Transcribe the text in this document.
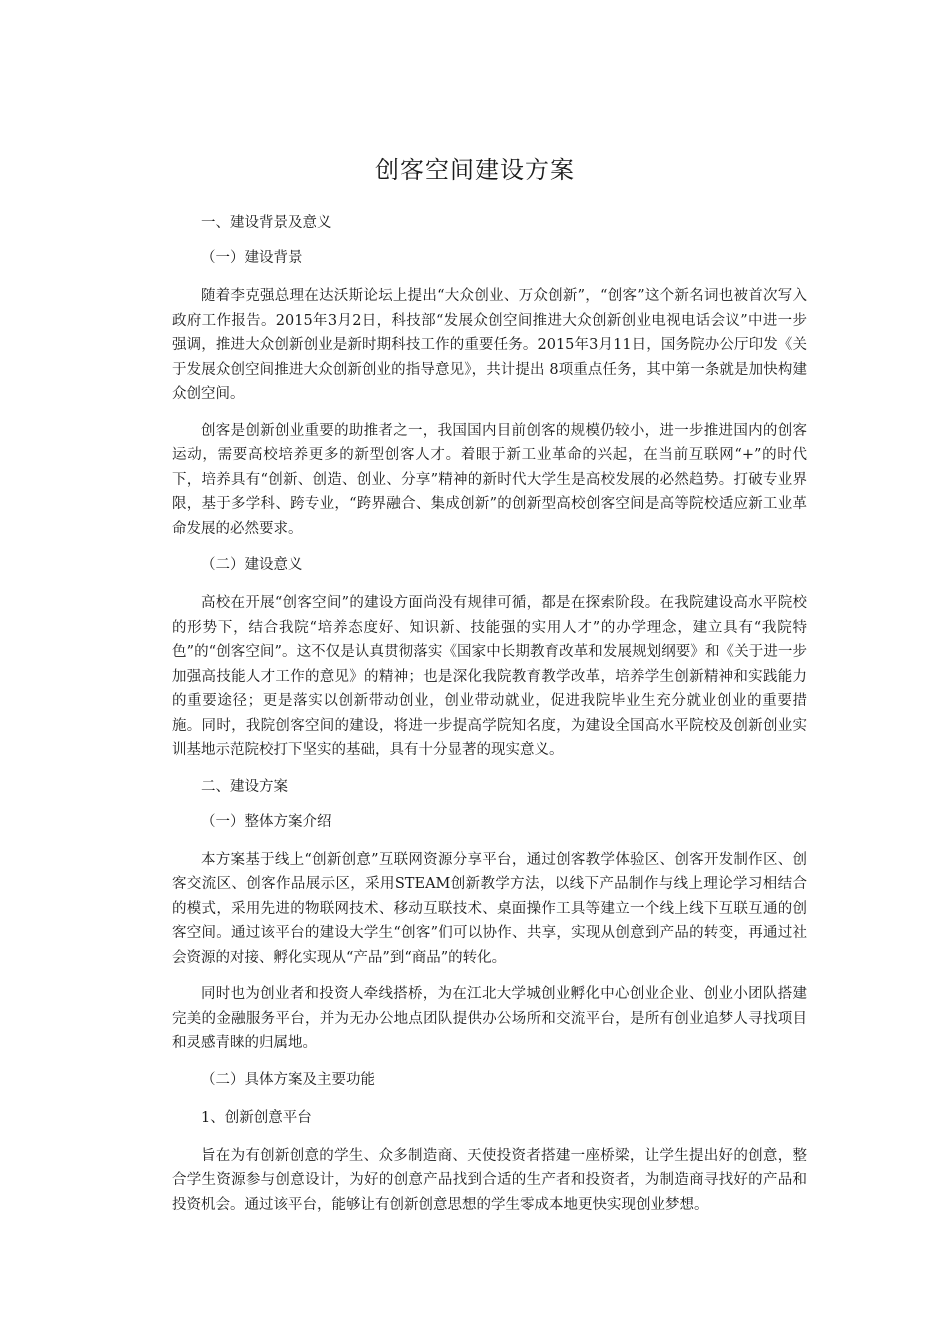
创客空间建设方案
一、建设背景及意义
（一）建设背景

随着李克强总理在达沃斯论坛上提出“大众创业、万众创新”，“创客”这个新名词也被首次写入政府工作报告。2015年3月2日，科技部“发展众创空间推进大众创新创业电视电话会议”中进一步强调，推进大众创新创业是新时期科技工作的重要任务。2015年3月11日，国务院办公厅印发《关于发展众创空间推进大众创新创业的指导意见》，共计提出 8项重点任务，其中第一条就是加快构建众创空间。

创客是创新创业重要的助推者之一，我国国内目前创客的规模仍较小，进一步推进国内的创客运动，需要高校培养更多的新型创客人才。着眼于新工业革命的兴起，在当前互联网“+”的时代下，培养具有“创新、创造、创业、分享”精神的新时代大学生是高校发展的必然趋势。打破专业界限，基于多学科、跨专业，“跨界融合、集成创新”的创新型高校创客空间是高等院校适应新工业革命发展的必然要求。

（二）建设意义

高校在开展“创客空间”的建设方面尚没有规律可循，都是在探索阶段。在我院建设高水平院校的形势下，结合我院“培养态度好、知识新、技能强的实用人才”的办学理念，建立具有“我院特色”的“创客空间”。这不仅是认真贯彻落实《国家中长期教育改革和发展规划纲要》和《关于进一步加强高技能人才工作的意见》的精神；也是深化我院教育教学改革，培养学生创新精神和实践能力的重要途径；更是落实以创新带动创业，创业带动就业，促进我院毕业生充分就业创业的重要措施。同时，我院创客空间的建设，将进一步提高学院知名度，为建设全国高水平院校及创新创业实训基地示范院校打下坚实的基础，具有十分显著的现实意义。

二、建设方案
（一）整体方案介绍

本方案基于线上“创新创意”互联网资源分享平台，通过创客教学体验区、创客开发制作区、创客交流区、创客作品展示区，采用STEAM创新教学方法，以线下产品制作与线上理论学习相结合的模式，采用先进的物联网技术、移动互联技术、桌面操作工具等建立一个线上线下互联互通的创客空间。通过该平台的建设大学生“创客”们可以协作、共享，实现从创意到产品的转变，再通过社会资源的对接、孵化实现从“产品”到“商品”的转化。

同时也为创业者和投资人牵线搭桥，为在江北大学城创业孵化中心创业企业、创业小团队搭建完美的金融服务平台，并为无办公地点团队提供办公场所和交流平台，是所有创业追梦人寻找项目和灵感青睐的归属地。

（二）具体方案及主要功能
1、创新创意平台

旨在为有创新创意的学生、众多制造商、天使投资者搭建一座桥梁，让学生提出好的创意，整合学生资源参与创意设计，为好的创意产品找到合适的生产者和投资者，为制造商寻找好的产品和投资机会。通过该平台，能够让有创新创意思想的学生零成本地更快实现创业梦想。
